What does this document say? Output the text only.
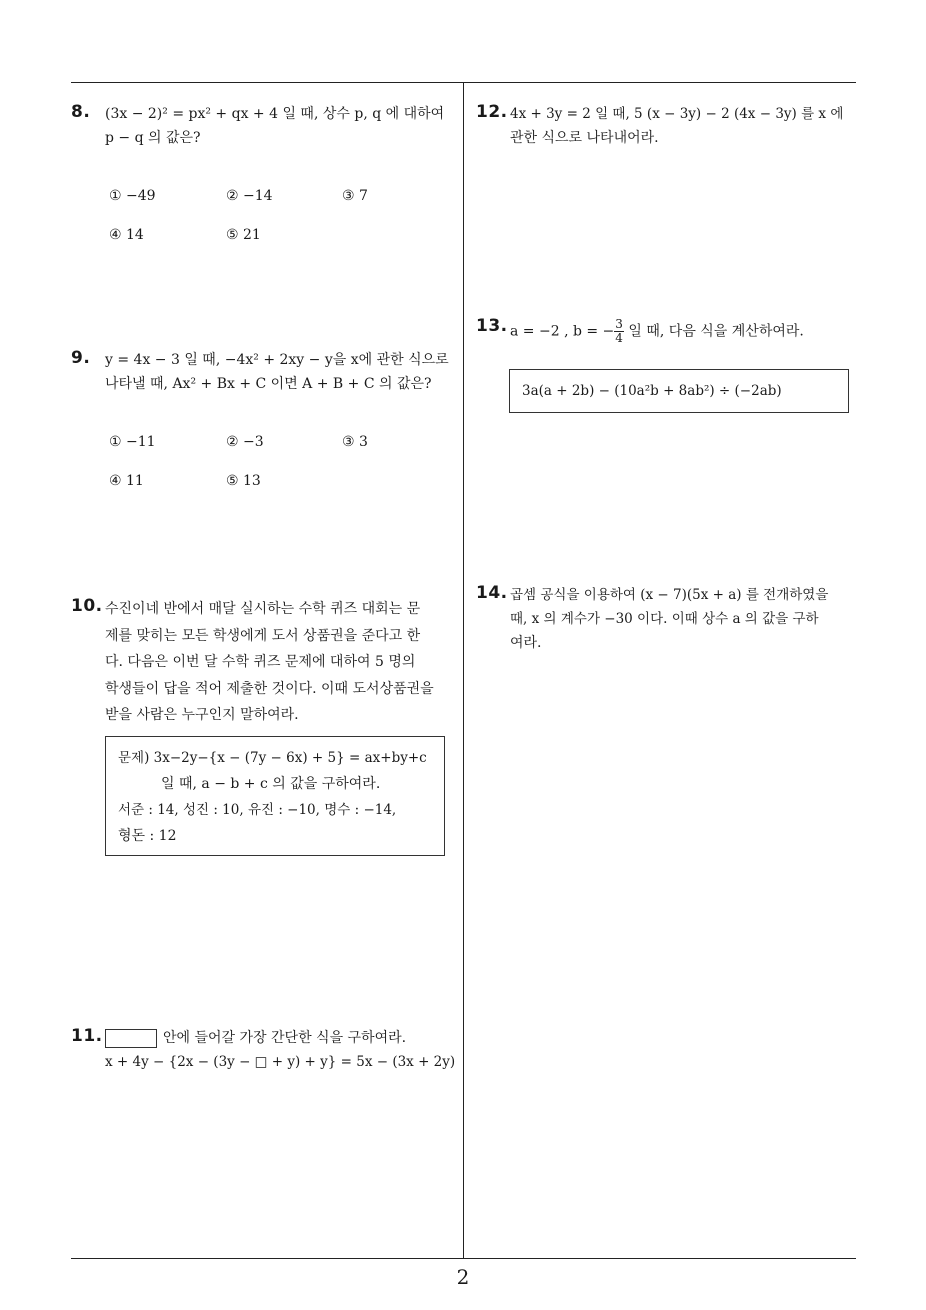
8. (3x − 2)² = px² + qx + 4 일 때, 상수 p, q 에 대하여
p − q 의 값은?
① −49	② −14	③ 7
④ 14	⑤ 21
9. y = 4x − 3 일 때, −4x² + 2xy − y을 x에 관한 식으로
나타낼 때, Ax² + Bx + C 이면 A + B + C 의 값은?
① −11	② −3	③ 3
④ 11	⑤ 13
10. 수진이네 반에서 매달 실시하는 수학 퀴즈 대회는 문
제를 맞히는 모든 학생에게 도서 상품권을 준다고 한
다. 다음은 이번 달 수학 퀴즈 문제에 대하여 5 명의
학생들이 답을 적어 제출한 것이다. 이때 도서상품권을
받을 사람은 누구인지 말하여라.
문제) 3x−2y−{x − (7y − 6x) + 5} = ax+by+c
일 때, a − b + c 의 값을 구하여라.
서준 : 14, 성진 : 10, 유진 : −10, 명수 : −14,
형돈 : 12
11.	안에 들어갈 가장 간단한 식을 구하여라.
x + 4y − {2x − (3y − □ + y) + y} = 5x − (3x + 2y)
12. 4x + 3y = 2 일 때, 5 (x − 3y) − 2 (4x − 3y) 를 x 에
관한 식으로 나타내어라.
13. a = −2 , b = − $\frac{3}{4}$ 일 때, 다음 식을 계산하여라.
3a(a + 2b) − (10a²b + 8ab²) ÷ (−2ab)
14. 곱셈 공식을 이용하여 (x − 7)(5x + a) 를 전개하였을
때, x 의 계수가 −30 이다. 이때 상수 a 의 값을 구하
여라.
2
